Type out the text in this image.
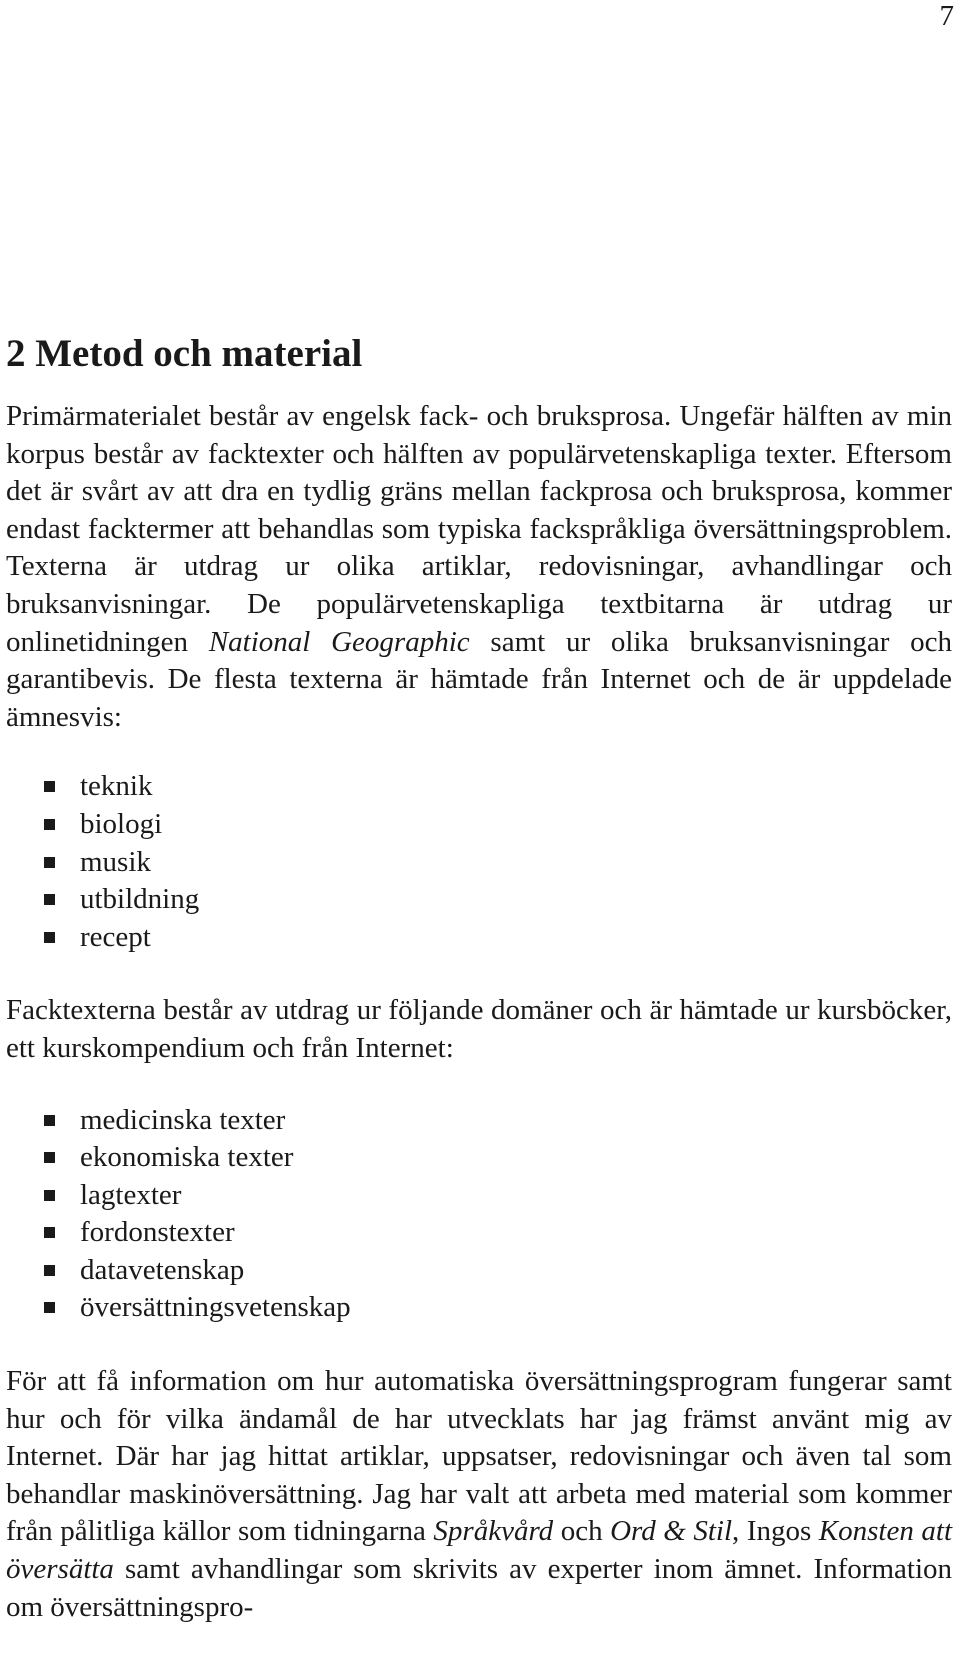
7
2 Metod och material

Primärmaterialet består av engelsk fack- och bruksprosa. Ungefär hälften av min korpus består av facktexter och hälften av populärvetenskapliga texter. Eftersom det är svårt av att dra en tydlig gräns mellan fackprosa och bruksprosa, kommer endast facktermer att behandlas som typiska fackspråkliga översättningsproblem. Texterna är utdrag ur olika artiklar, redovisningar, avhandlingar och bruksanvisningar. De populärvetenskapliga textbitarna är utdrag ur onlinetidningen National Geographic samt ur olika bruksanvisningar och garantibevis. De flesta texterna är hämtade från Internet och de är uppdelade ämnesvis:

teknik
biologi
musik
utbildning
recept

Facktexterna består av utdrag ur följande domäner och är hämtade ur kursböcker, ett kurskompendium och från Internet:

medicinska texter
ekonomiska texter
lagtexter
fordonstexter
datavetenskap
översättningsvetenskap

För att få information om hur automatiska översättningsprogram fungerar samt hur och för vilka ändamål de har utvecklats har jag främst använt mig av Internet. Där har jag hittat artiklar, uppsatser, redovisningar och även tal som behandlar maskinöversättning. Jag har valt att arbeta med material som kommer från pålitliga källor som tidningarna Språkvård och Ord & Stil, Ingos Konsten att översätta samt avhandlingar som skrivits av experter inom ämnet. Information om översättningspro-
